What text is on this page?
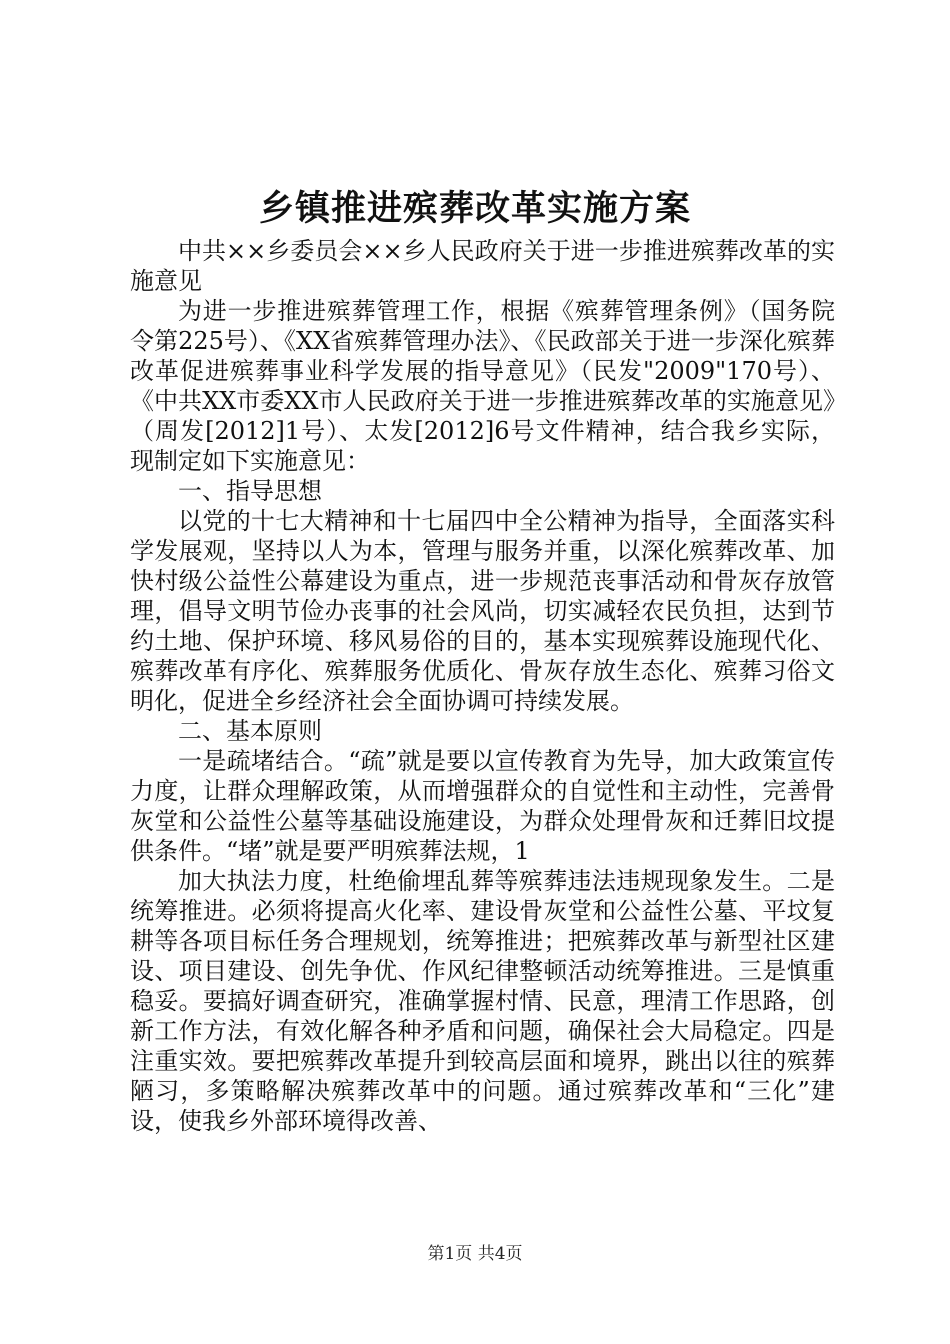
乡镇推进殡葬改革实施方案

中共××乡委员会××乡人民政府关于进一步推进殡葬改革的实施意见

为进一步推进殡葬管理工作，根据《殡葬管理条例》（国务院令第225号）、《XX省殡葬管理办法》、《民政部关于进一步深化殡葬改革促进殡葬事业科学发展的指导意见》（民发"2009"170号）、《中共XX市委XX市人民政府关于进一步推进殡葬改革的实施意见》（周发[2012]1号）、太发[2012]6号文件精神，结合我乡实际，现制定如下实施意见：

一、指导思想

以党的十七大精神和十七届四中全公精神为指导，全面落实科学发展观，坚持以人为本，管理与服务并重，以深化殡葬改革、加快村级公益性公幕建设为重点，进一步规范丧事活动和骨灰存放管理，倡导文明节俭办丧事的社会风尚，切实减轻农民负担，达到节约土地、保护环境、移风易俗的目的，基本实现殡葬设施现代化、殡葬改革有序化、殡葬服务优质化、骨灰存放生态化、殡葬习俗文明化，促进全乡经济社会全面协调可持续发展。

二、基本原则

一是疏堵结合。“疏”就是要以宣传教育为先导，加大政策宣传力度，让群众理解政策，从而增强群众的自觉性和主动性，完善骨灰堂和公益性公墓等基础设施建设，为群众处理骨灰和迁葬旧坟提供条件。“堵”就是要严明殡葬法规，1

加大执法力度，杜绝偷埋乱葬等殡葬违法违规现象发生。二是统筹推进。必须将提高火化率、建设骨灰堂和公益性公墓、平坟复耕等各项目标任务合理规划，统筹推进；把殡葬改革与新型社区建设、项目建设、创先争优、作风纪律整顿活动统筹推进。三是慎重稳妥。要搞好调查研究，准确掌握村情、民意，理清工作思路，创新工作方法，有效化解各种矛盾和问题，确保社会大局稳定。四是注重实效。要把殡葬改革提升到较高层面和境界，跳出以往的殡葬陋习，多策略解决殡葬改革中的问题。通过殡葬改革和“三化”建设，使我乡外部环境得改善、

第1页 共4页
